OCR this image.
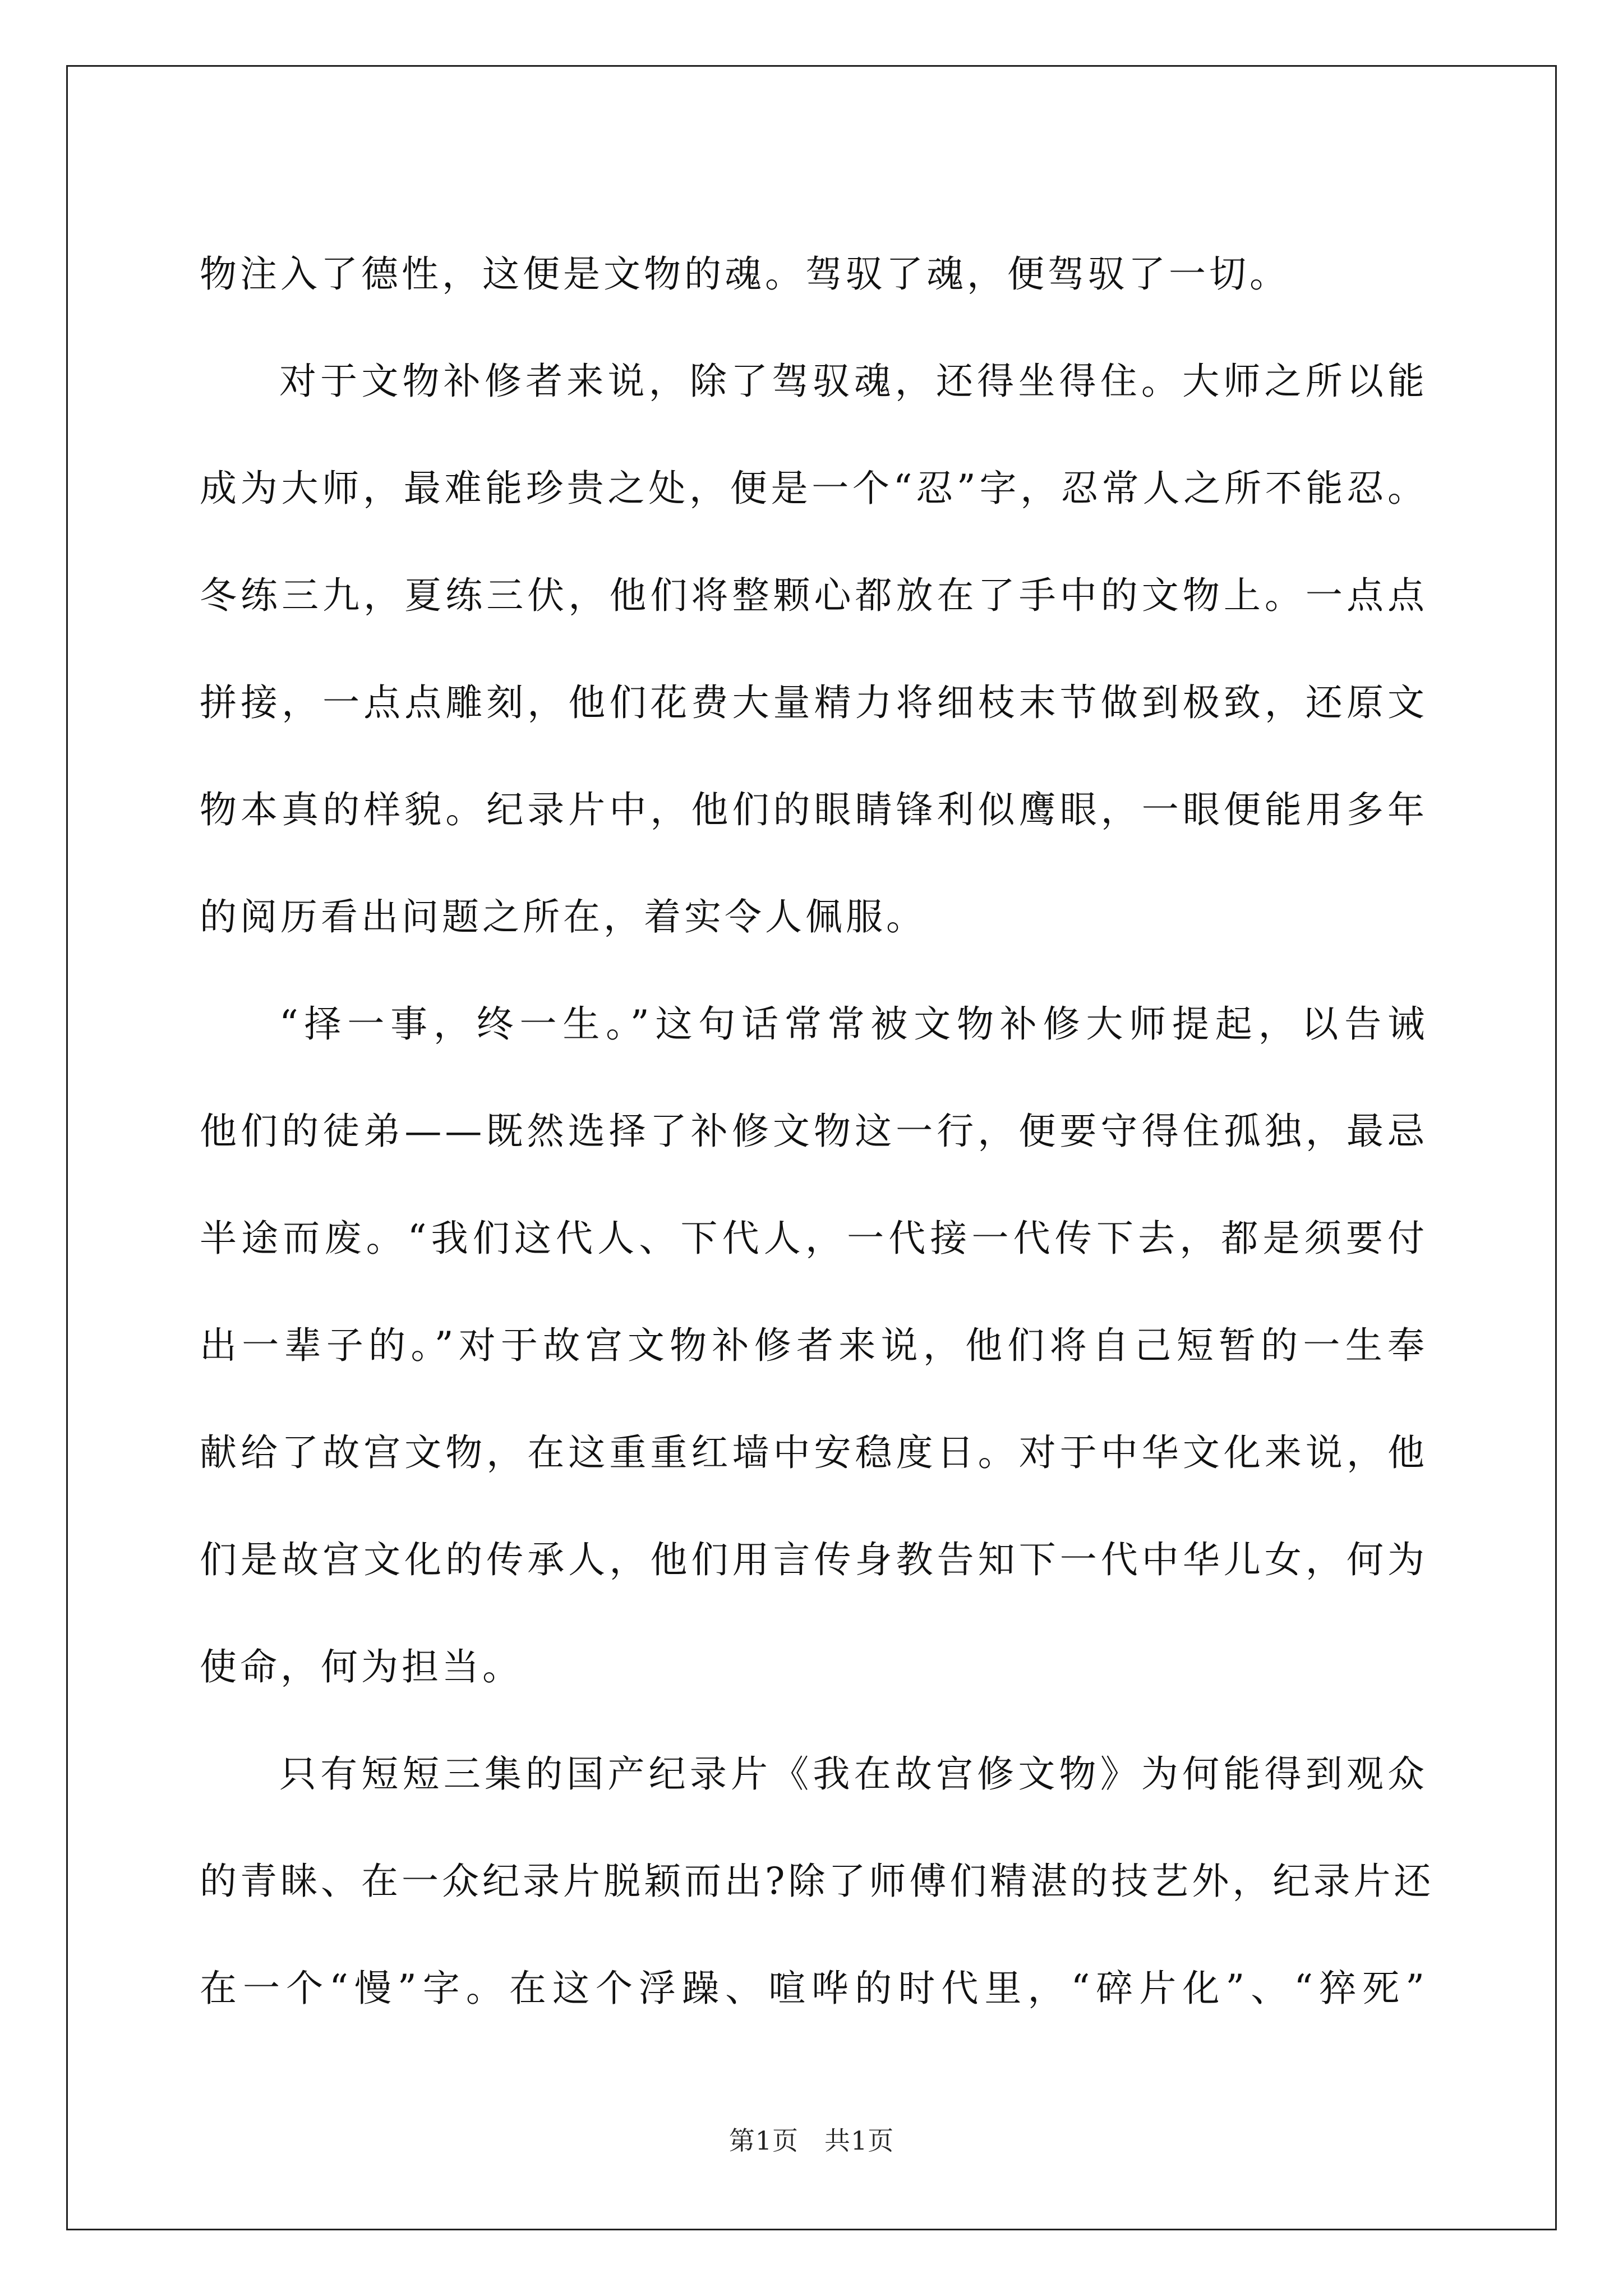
物注入了德性，这便是文物的魂。驾驭了魂，便驾驭了一切。
对于文物补修者来说，除了驾驭魂，还得坐得住。大师之所以能
成为大师，最难能珍贵之处，便是一个“忍”字，忍常人之所不能忍。
冬练三九，夏练三伏，他们将整颗心都放在了手中的文物上。一点点
拼接，一点点雕刻，他们花费大量精力将细枝末节做到极致，还原文
物本真的样貌。纪录片中，他们的眼睛锋利似鹰眼，一眼便能用多年
的阅历看出问题之所在，着实令人佩服。
“择一事，终一生。”这句话常常被文物补修大师提起，以告诫
他们的徒弟——既然选择了补修文物这一行，便要守得住孤独，最忌
半途而废。“我们这代人、下代人，一代接一代传下去，都是须要付
出一辈子的。”对于故宫文物补修者来说，他们将自己短暂的一生奉
献给了故宫文物，在这重重红墙中安稳度日。对于中华文化来说，他
们是故宫文化的传承人，他们用言传身教告知下一代中华儿女，何为
使命，何为担当。
只有短短三集的国产纪录片《我在故宫修文物》为何能得到观众
的青睐、在一众纪录片脱颖而出?除了师傅们精湛的技艺外，纪录片还
在一个“慢”字。在这个浮躁、喧哗的时代里，“碎片化”、“猝死”
第1页 共1页
